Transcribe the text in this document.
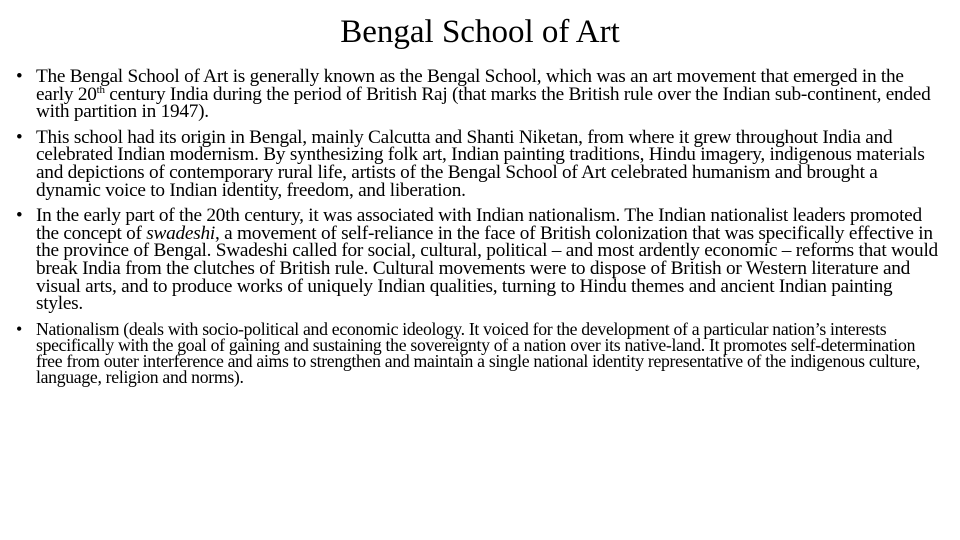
Bengal School of Art
• The Bengal School of Art is generally known as the Bengal School, which was an art movement that emerged in the early 20th century India during the period of British Raj (that marks the British rule over the Indian sub-continent, ended with partition in 1947).
• This school had its origin in Bengal, mainly Calcutta and Shanti Niketan, from where it grew throughout India and celebrated Indian modernism. By synthesizing folk art, Indian painting traditions, Hindu imagery, indigenous materials and depictions of contemporary rural life, artists of the Bengal School of Art celebrated humanism and brought a dynamic voice to Indian identity, freedom, and liberation.
• In the early part of the 20th century, it was associated with Indian nationalism. The Indian nationalist leaders promoted the concept of swadeshi, a movement of self-reliance in the face of British colonization that was specifically effective in the province of Bengal. Swadeshi called for social, cultural, political – and most ardently economic – reforms that would break India from the clutches of British rule. Cultural movements were to dispose of British or Western literature and visual arts, and to produce works of uniquely Indian qualities, turning to Hindu themes and ancient Indian painting styles.
• Nationalism (deals with socio-political and economic ideology. It voiced for the development of a particular nation’s interests specifically with the goal of gaining and sustaining the sovereignty of a nation over its native-land. It promotes self-determination free from outer interference and aims to strengthen and maintain a single national identity representative of the indigenous culture, language, religion and norms).
